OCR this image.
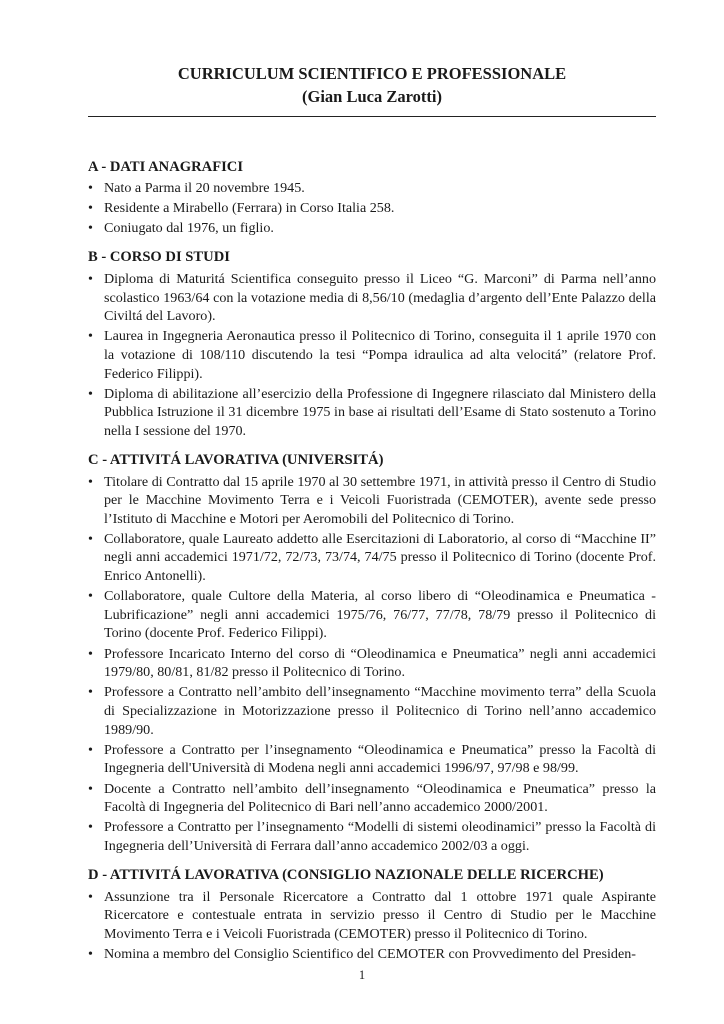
CURRICULUM SCIENTIFICO E PROFESSIONALE

(Gian Luca Zarotti)

A - DATI ANAGRAFICI
• Nato a Parma il 20 novembre 1945.
• Residente a Mirabello (Ferrara) in Corso Italia 258.
• Coniugato dal 1976, un figlio.
B - CORSO DI STUDI
• Diploma di Maturitá Scientifica conseguito presso il Liceo “G. Marconi” di Parma nell’anno scolastico 1963/64 con la votazione media di 8,56/10 (medaglia d’argento dell’Ente Palazzo della Civiltá del Lavoro).
• Laurea in Ingegneria Aeronautica presso il Politecnico di Torino, conseguita il 1 aprile 1970 con la votazione di 108/110 discutendo la tesi “Pompa idraulica ad alta velocitá” (relatore Prof. Federico Filippi).
• Diploma di abilitazione all’esercizio della Professione di Ingegnere rilasciato dal Ministero della Pubblica Istruzione il 31 dicembre 1975 in base ai risultati dell’Esame di Stato sostenuto a Torino nella I sessione del 1970.
C - ATTIVITÁ LAVORATIVA (UNIVERSITÁ)
• Titolare di Contratto dal 15 aprile 1970 al 30 settembre 1971, in attività presso il Centro di Studio per le Macchine Movimento Terra e i Veicoli Fuoristrada (CEMOTER), avente sede presso l’Istituto di Macchine e Motori per Aeromobili del Politecnico di Torino.
• Collaboratore, quale Laureato addetto alle Esercitazioni di Laboratorio, al corso di “Macchine II” negli anni accademici 1971/72, 72/73, 73/74, 74/75 presso il Politecnico di Torino (docente Prof. Enrico Antonelli).
• Collaboratore, quale Cultore della Materia, al corso libero di “Oleodinamica e Pneumatica - Lubrificazione” negli anni accademici 1975/76, 76/77, 77/78, 78/79 presso il Politecnico di Torino (docente Prof. Federico Filippi).
• Professore Incaricato Interno del corso di “Oleodinamica e Pneumatica” negli anni accademici 1979/80, 80/81, 81/82 presso il Politecnico di Torino.
• Professore a Contratto nell’ambito dell’insegnamento “Macchine movimento terra” della Scuola di Specializzazione in Motorizzazione presso il Politecnico di Torino nell’anno accademico 1989/90.
• Professore a Contratto per l’insegnamento “Oleodinamica e Pneumatica” presso la Facoltà di Ingegneria dell'Università di Modena negli anni accademici 1996/97, 97/98 e 98/99.
• Docente a Contratto nell’ambito dell’insegnamento “Oleodinamica e Pneumatica” presso la Facoltà di Ingegneria del Politecnico di Bari nell’anno accademico 2000/2001.
• Professore a Contratto per l’insegnamento “Modelli di sistemi oleodinamici” presso la Facoltà di Ingegneria dell’Università di Ferrara dall’anno accademico 2002/03 a oggi.
D - ATTIVITÁ LAVORATIVA (CONSIGLIO NAZIONALE DELLE RICERCHE)
• Assunzione tra il Personale Ricercatore a Contratto dal 1 ottobre 1971 quale Aspirante Ricercatore e contestuale entrata in servizio presso il Centro di Studio per le Macchine Movimento Terra e i Veicoli Fuoristrada (CEMOTER) presso il Politecnico di Torino.
• Nomina a membro del Consiglio Scientifico del CEMOTER con Provvedimento del Presiden-
1
